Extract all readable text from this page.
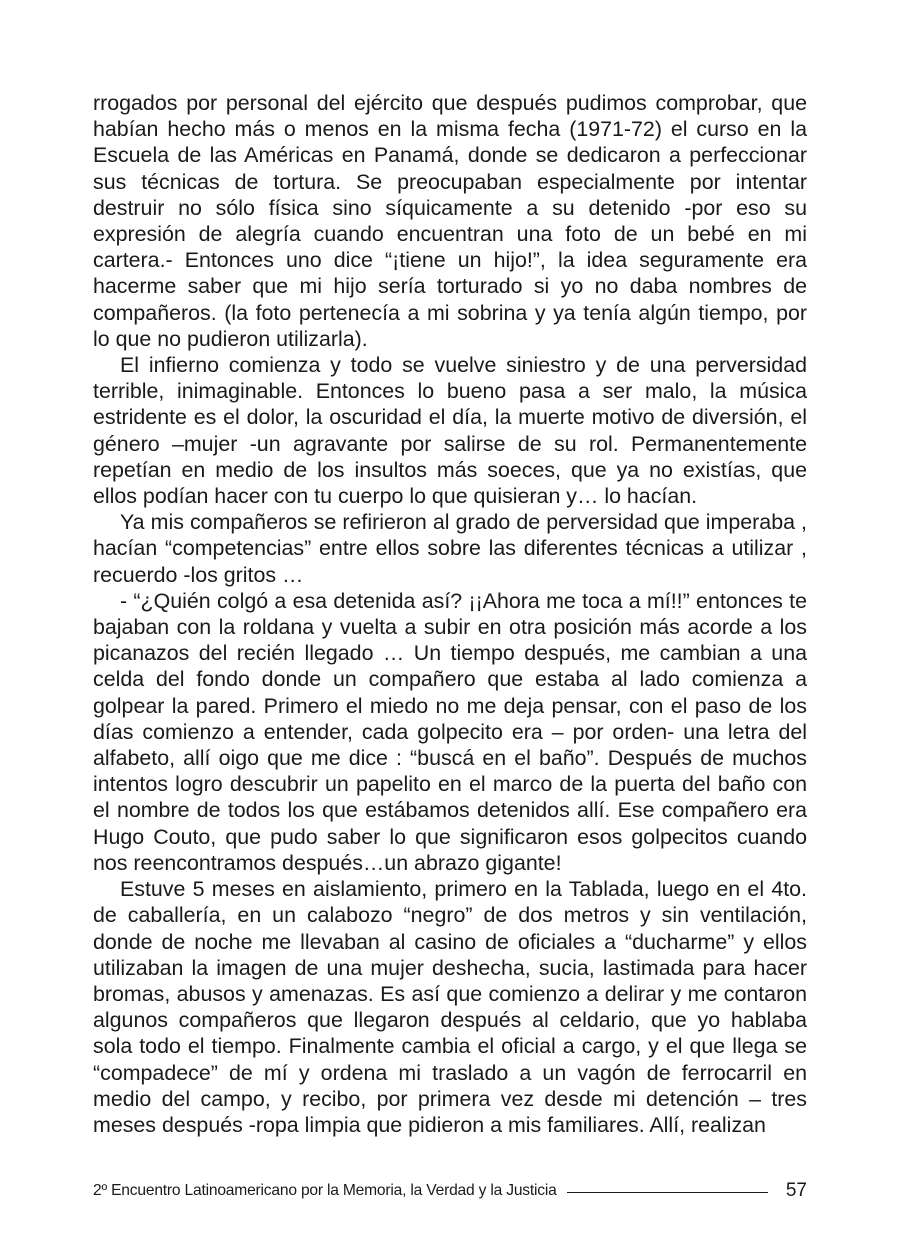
rrogados por personal del ejército que después pudimos comprobar, que habían hecho más o menos en la misma fecha (1971-72) el curso en la Escuela de las Américas en Panamá, donde se dedicaron a perfeccionar sus técnicas de tortura. Se preocupaban especialmente por intentar destruir no sólo física sino síquicamente a su detenido -por eso su expresión de alegría cuando encuentran una foto de un bebé en mi cartera.- Entonces uno dice “¡tiene un hijo!”, la idea seguramente era hacerme saber que mi hijo sería torturado si yo no daba nombres de compañeros. (la foto pertenecía a mi sobrina y ya tenía algún tiempo, por lo que no pudieron utilizarla).

El infierno comienza y todo se vuelve siniestro y de una perversidad terrible, inimaginable. Entonces lo bueno pasa a ser malo, la música estridente es el dolor, la oscuridad el día, la muerte motivo de diversión, el género –mujer -un agravante por salirse de su rol. Permanentemente repetían en medio de los insultos más soeces, que ya no existías, que ellos podían hacer con tu cuerpo lo que quisieran y… lo hacían.

Ya mis compañeros se refirieron al grado de perversidad que imperaba , hacían “competencias” entre ellos sobre las diferentes técnicas a utilizar , recuerdo -los gritos …

- “¿Quién colgó a esa detenida así? ¡¡Ahora me toca a mí!!” entonces te bajaban con la roldana y vuelta a subir en otra posición más acorde a los picanazos del recién llegado … Un tiempo después, me cambian a una celda del fondo donde un compañero que estaba al lado comienza a golpear la pared. Primero el miedo no me deja pensar, con el paso de los días comienzo a entender, cada golpecito era – por orden- una letra del alfabeto, allí oigo que me dice : “buscá en el baño”. Después de muchos intentos logro descubrir un papelito en el marco de la puerta del baño con el nombre de todos los que estábamos detenidos allí. Ese compañero era Hugo Couto, que pudo saber lo que significaron esos golpecitos cuando nos reencontramos después…un abrazo gigante!

Estuve 5 meses en aislamiento, primero en la Tablada, luego en el 4to. de caballería, en un calabozo “negro” de dos metros y sin ventilación, donde de noche me llevaban al casino de oficiales a “ducharme” y ellos utilizaban la imagen de una mujer deshecha, sucia, lastimada para hacer bromas, abusos y amenazas. Es así que comienzo a delirar y me contaron algunos compañeros que llegaron después al celdario, que yo hablaba sola todo el tiempo. Finalmente cambia el oficial a cargo, y el que llega se “compadece” de mí y ordena mi traslado a un vagón de ferrocarril en medio del campo, y recibo, por primera vez desde mi detención – tres meses después -ropa limpia que pidieron a mis familiares. Allí, realizan

2º Encuentro Latinoamericano por la Memoria, la Verdad y la Justicia	57
